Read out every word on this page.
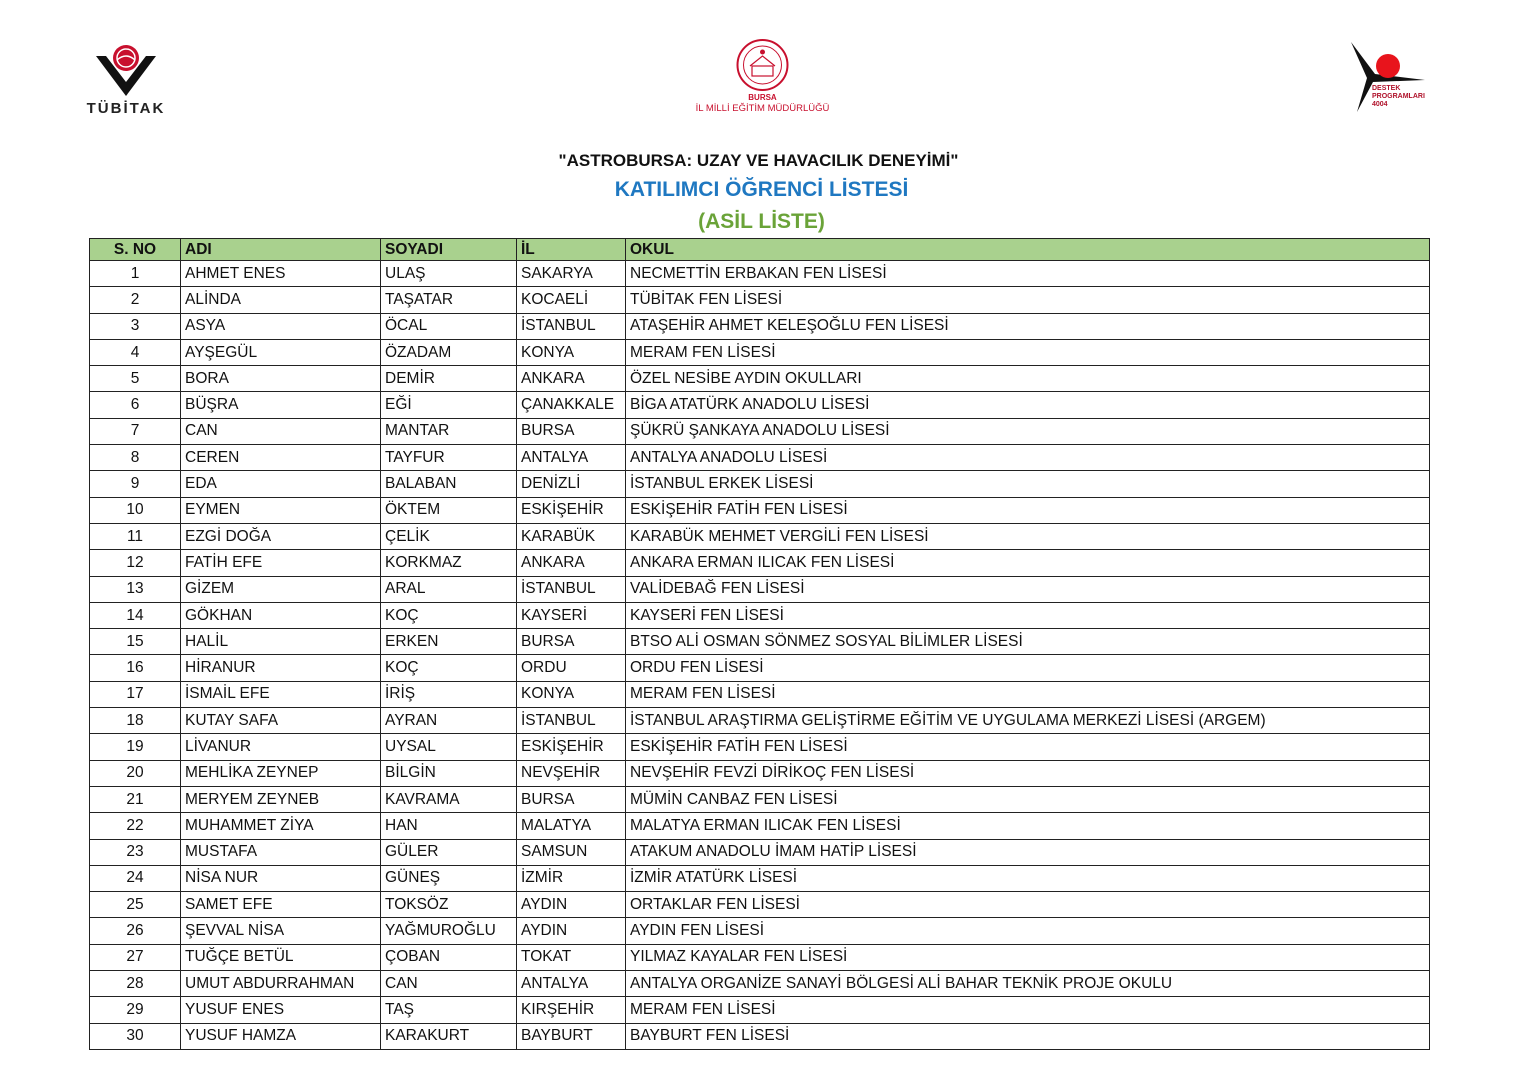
TÜBİTAK
BURSA
İL MİLLİ EĞİTİM MÜDÜRLÜĞÜ
DESTEK
PROGRAMLARI
4004
"ASTROBURSA: UZAY VE HAVACILIK DENEYİMİ"
KATILIMCI ÖĞRENCİ LİSTESİ
(ASİL LİSTE)
S. NO	ADI	SOYADI	İL	OKUL
1	AHMET ENES	ULAŞ	SAKARYA	NECMETTİN ERBAKAN FEN LİSESİ
2	ALİNDA	TAŞATAR	KOCAELİ	TÜBİTAK FEN LİSESİ
3	ASYA	ÖCAL	İSTANBUL	ATAŞEHİR AHMET KELEŞOĞLU FEN LİSESİ
4	AYŞEGÜL	ÖZADAM	KONYA	MERAM FEN LİSESİ
5	BORA	DEMİR	ANKARA	ÖZEL NESİBE AYDIN OKULLARI
6	BÜŞRA	EĞİ	ÇANAKKALE	BİGA ATATÜRK ANADOLU LİSESİ
7	CAN	MANTAR	BURSA	ŞÜKRÜ ŞANKAYA ANADOLU LİSESİ
8	CEREN	TAYFUR	ANTALYA	ANTALYA ANADOLU LİSESİ
9	EDA	BALABAN	DENİZLİ	İSTANBUL ERKEK LİSESİ
10	EYMEN	ÖKTEM	ESKİŞEHİR	ESKİŞEHİR FATİH FEN LİSESİ
11	EZGİ DOĞA	ÇELİK	KARABÜK	KARABÜK MEHMET VERGİLİ FEN LİSESİ
12	FATİH EFE	KORKMAZ	ANKARA	ANKARA ERMAN ILICAK FEN LİSESİ
13	GİZEM	ARAL	İSTANBUL	VALİDEBAĞ FEN LİSESİ
14	GÖKHAN	KOÇ	KAYSERİ	KAYSERİ FEN LİSESİ
15	HALİL	ERKEN	BURSA	BTSO ALİ OSMAN SÖNMEZ SOSYAL BİLİMLER LİSESİ
16	HİRANUR	KOÇ	ORDU	ORDU FEN LİSESİ
17	İSMAİL EFE	İRİŞ	KONYA	MERAM FEN LİSESİ
18	KUTAY SAFA	AYRAN	İSTANBUL	İSTANBUL ARAŞTIRMA GELİŞTİRME EĞİTİM VE UYGULAMA MERKEZİ LİSESİ (ARGEM)
19	LİVANUR	UYSAL	ESKİŞEHİR	ESKİŞEHİR FATİH FEN LİSESİ
20	MEHLİKA ZEYNEP	BİLGİN	NEVŞEHİR	NEVŞEHİR FEVZİ DİRİKOÇ FEN LİSESİ
21	MERYEM ZEYNEB	KAVRAMA	BURSA	MÜMİN CANBAZ FEN LİSESİ
22	MUHAMMET ZİYA	HAN	MALATYA	MALATYA ERMAN ILICAK FEN LİSESİ
23	MUSTAFA	GÜLER	SAMSUN	ATAKUM ANADOLU İMAM HATİP LİSESİ
24	NİSA NUR	GÜNEŞ	İZMİR	İZMİR ATATÜRK LİSESİ
25	SAMET EFE	TOKSÖZ	AYDIN	ORTAKLAR FEN LİSESİ
26	ŞEVVAL NİSA	YAĞMUROĞLU	AYDIN	AYDIN FEN LİSESİ
27	TUĞÇE BETÜL	ÇOBAN	TOKAT	YILMAZ KAYALAR FEN LİSESİ
28	UMUT ABDURRAHMAN	CAN	ANTALYA	ANTALYA ORGANİZE SANAYİ BÖLGESİ ALİ BAHAR TEKNİK PROJE OKULU
29	YUSUF ENES	TAŞ	KIRŞEHİR	MERAM FEN LİSESİ
30	YUSUF HAMZA	KARAKURT	BAYBURT	BAYBURT FEN LİSESİ
